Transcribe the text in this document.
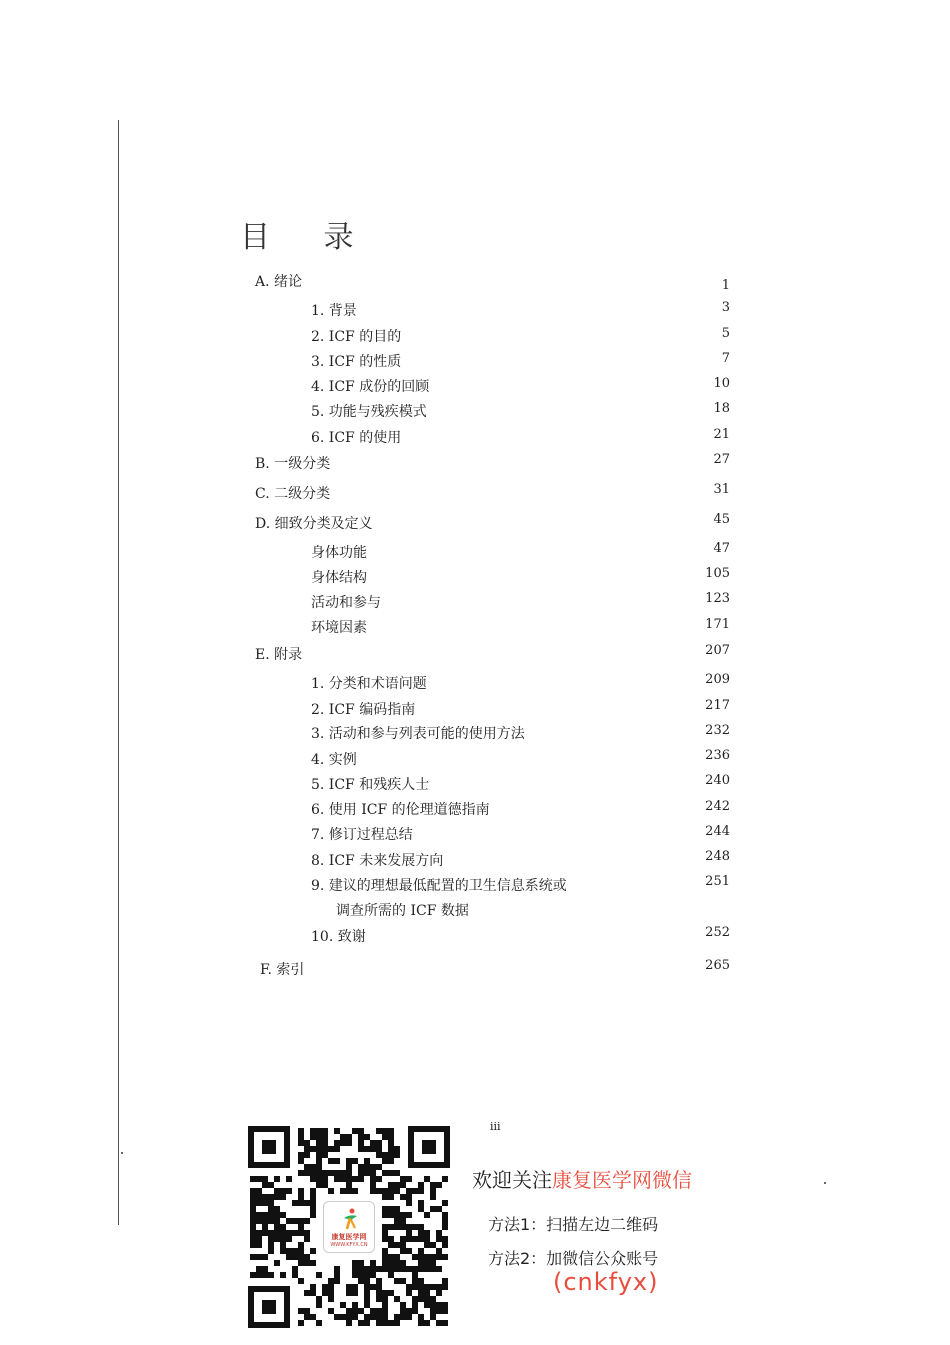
目 录
A. 绪论	1
1. 背景	3
2. ICF 的目的	5
3. ICF 的性质	7
4. ICF 成份的回顾	10
5. 功能与残疾模式	18
6. ICF 的使用	21
B. 一级分类	27
C. 二级分类	31
D. 细致分类及定义	45
身体功能	47
身体结构	105
活动和参与	123
环境因素	171
E. 附录	207
1. 分类和术语问题	209
2. ICF 编码指南	217
3. 活动和参与列表可能的使用方法	232
4. 实例	236
5. ICF 和残疾人士	240
6. 使用 ICF 的伦理道德指南	242
7. 修订过程总结	244
8. ICF 未来发展方向	248
9. 建议的理想最低配置的卫生信息系统或	251
调查所需的 ICF 数据
10. 致谢	252
F. 索引	265
iii
康复医学网
WWW.KFYX.CN
欢迎关注康复医学网微信
方法1：扫描左边二维码
方法2：加微信公众账号
(cnkfyx)
